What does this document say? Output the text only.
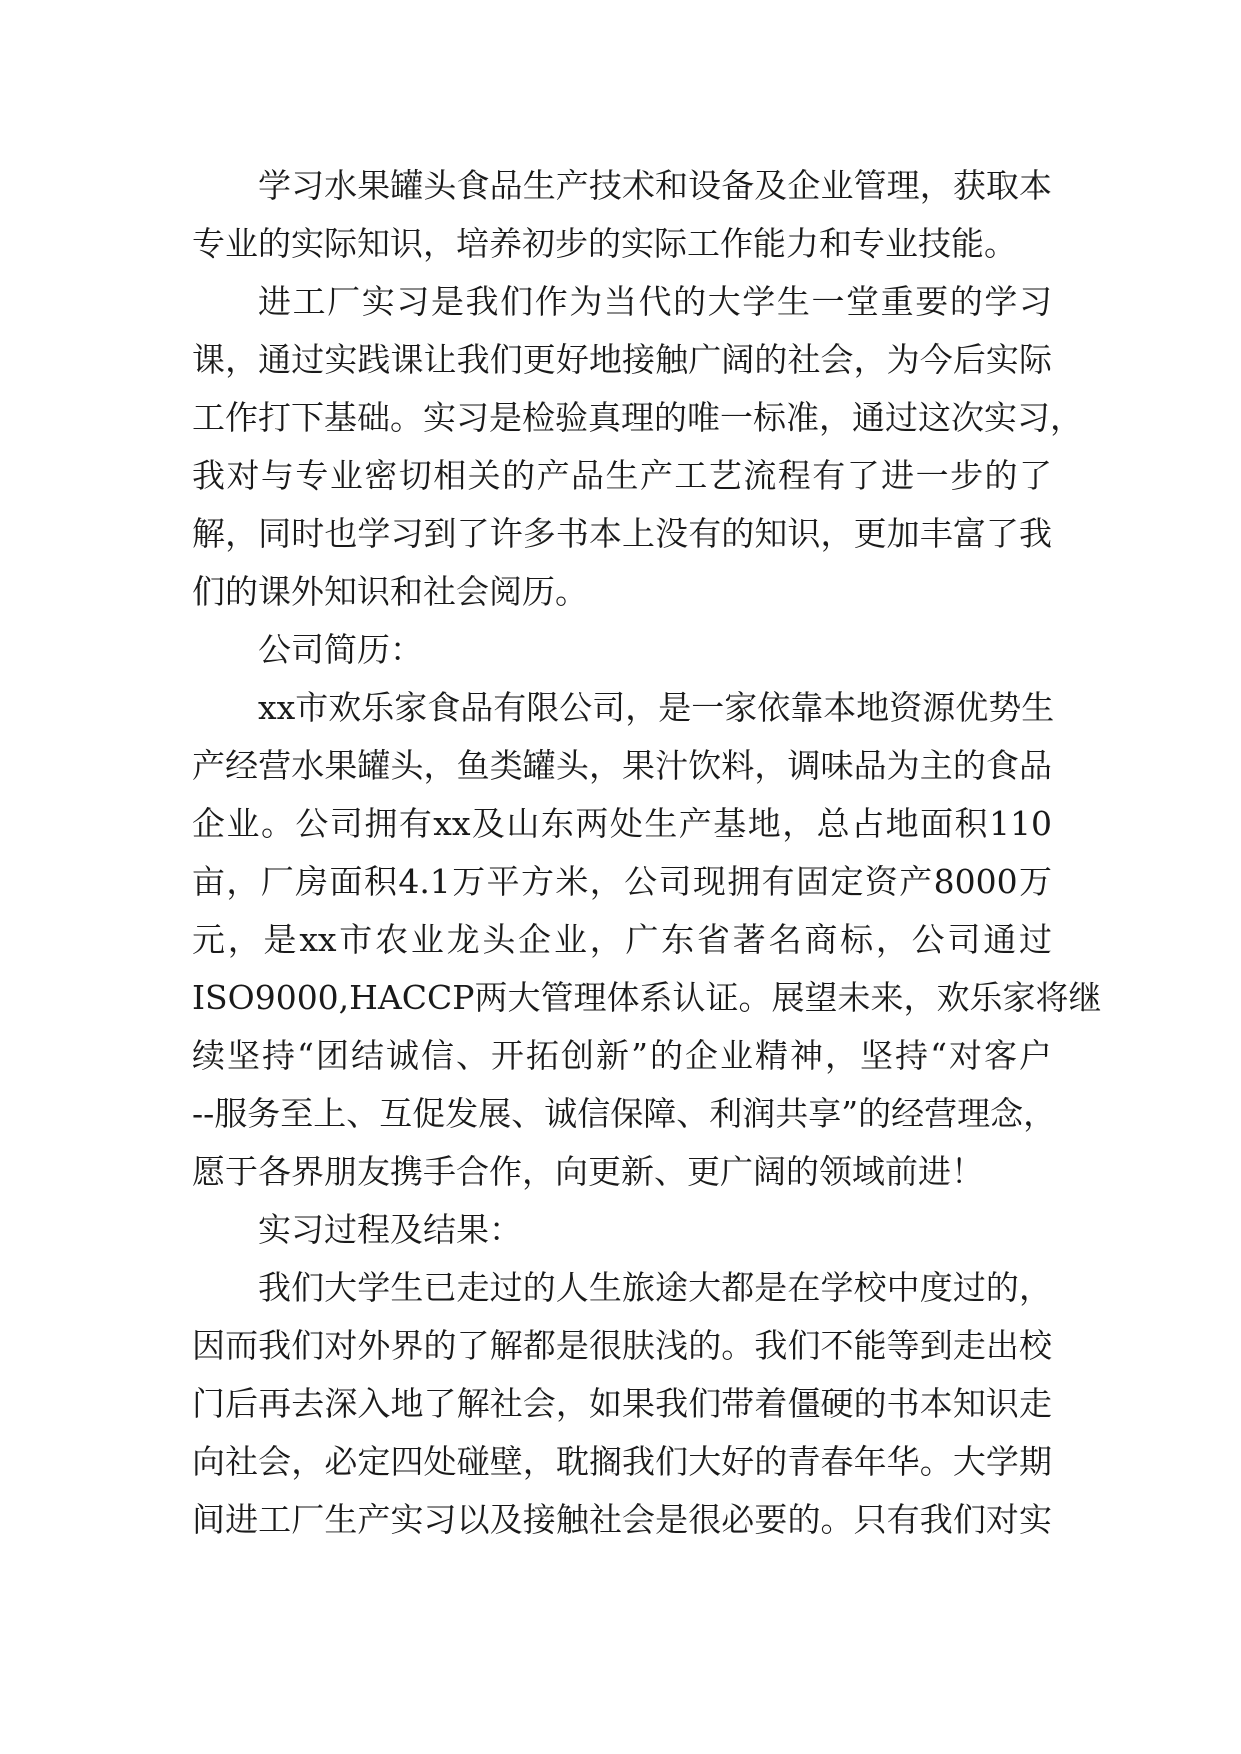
学习水果罐头食品生产技术和设备及企业管理，获取本
专业的实际知识，培养初步的实际工作能力和专业技能。
进工厂实习是我们作为当代的大学生一堂重要的学习
课，通过实践课让我们更好地接触广阔的社会，为今后实际
工作打下基础。实习是检验真理的唯一标准，通过这次实习，
我对与专业密切相关的产品生产工艺流程有了进一步的了
解，同时也学习到了许多书本上没有的知识，更加丰富了我
们的课外知识和社会阅历。
公司简历：
xx市欢乐家食品有限公司，是一家依靠本地资源优势生
产经营水果罐头，鱼类罐头，果汁饮料，调味品为主的食品
企业。公司拥有xx及山东两处生产基地，总占地面积110
亩，厂房面积4.1万平方米，公司现拥有固定资产8000万
元，是xx市农业龙头企业，广东省著名商标，公司通过
ISO9000,HACCP两大管理体系认证。展望未来，欢乐家将继
续坚持“团结诚信、开拓创新”的企业精神，坚持“对客户
--服务至上、互促发展、诚信保障、利润共享”的经营理念，
愿于各界朋友携手合作，向更新、更广阔的领域前进！
实习过程及结果：
我们大学生已走过的人生旅途大都是在学校中度过的，
因而我们对外界的了解都是很肤浅的。我们不能等到走出校
门后再去深入地了解社会，如果我们带着僵硬的书本知识走
向社会，必定四处碰壁，耽搁我们大好的青春年华。大学期
间进工厂生产实习以及接触社会是很必要的。只有我们对实
